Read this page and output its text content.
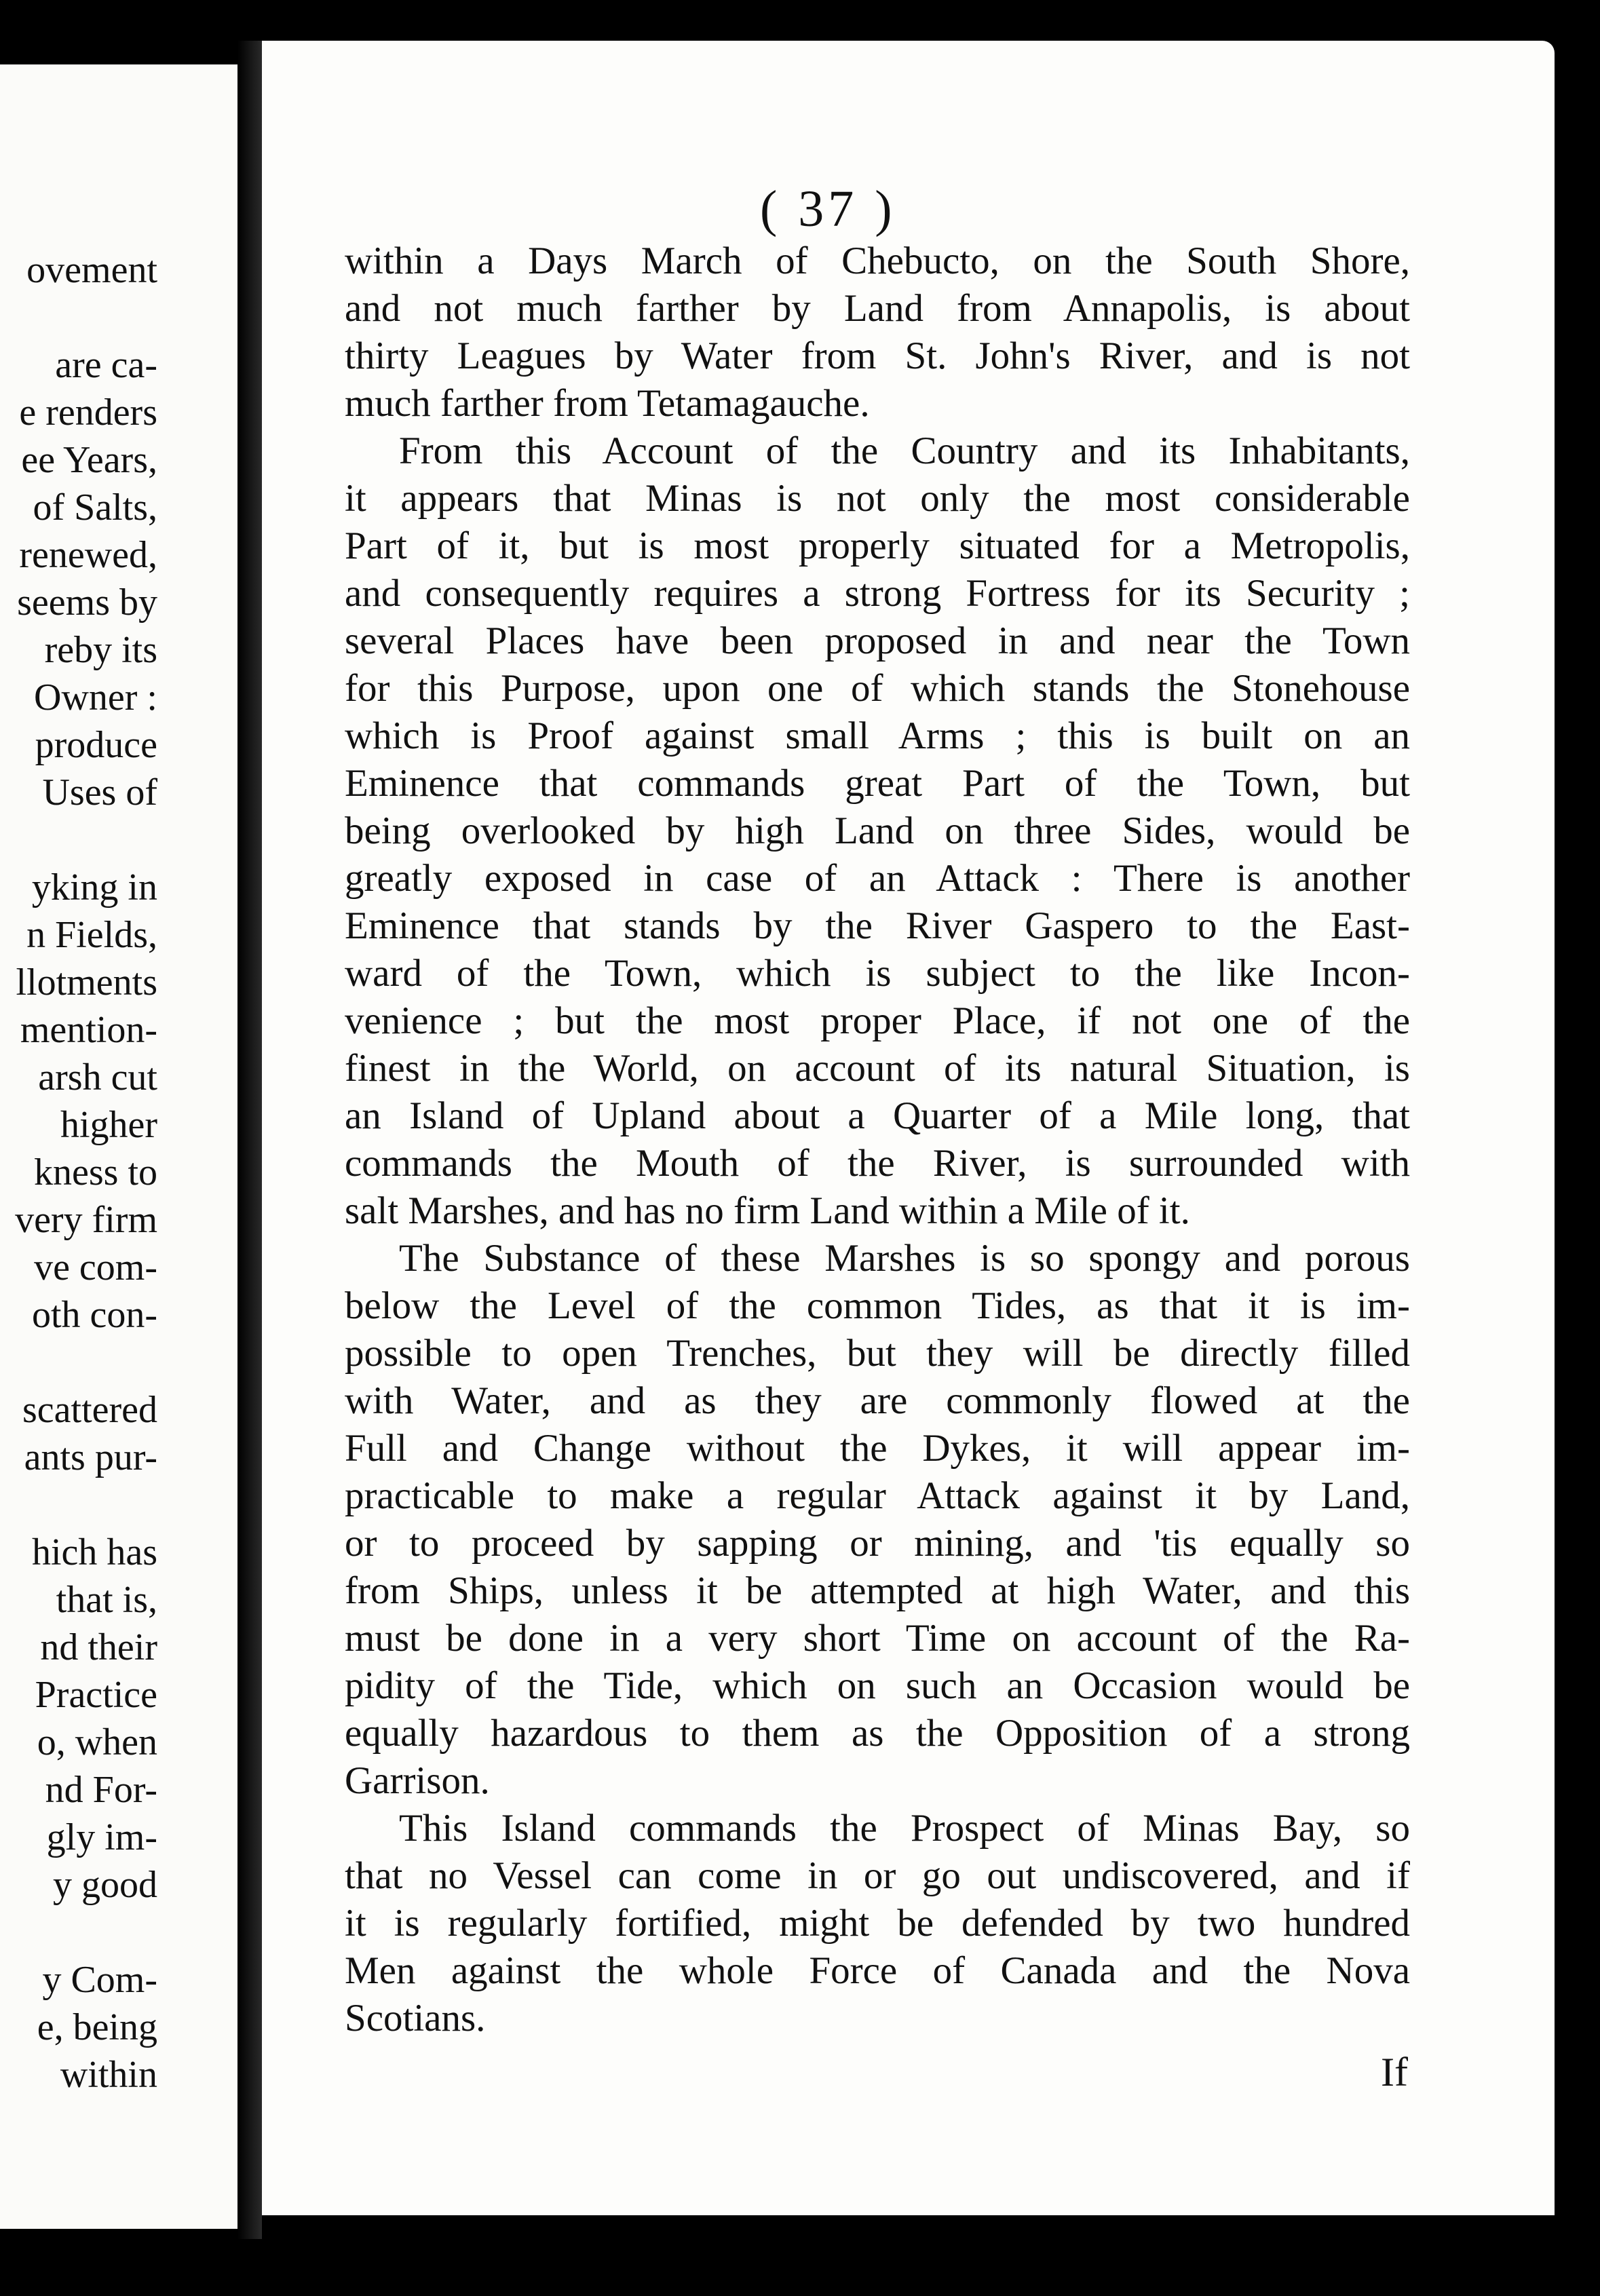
ovement
are ca-
e renders
ee Years,
of Salts,
renewed,
seems by
reby its
Owner :
produce
Uses of
yking in
n Fields,
llotments
mention-
arsh cut
higher
kness to
very firm
ve com-
oth con-
scattered
ants pur-
hich has
that is,
nd their
Practice
o, when
nd For-
gly im-
y good
y Com-
e, being
within
( 37 )
within a Days March of Chebucto, on the South Shore,
and not much farther by Land from Annapolis, is about
thirty Leagues by Water from St. John's River, and is not
much farther from Tetamagauche.
From this Account of the Country and its Inhabitants,
it appears that Minas is not only the most considerable
Part of it, but is most properly situated for a Metropolis,
and consequently requires a strong Fortress for its Security ;
several Places have been proposed in and near the Town
for this Purpose, upon one of which stands the Stonehouse
which is Proof against small Arms ; this is built on an
Eminence that commands great Part of the Town, but
being overlooked by high Land on three Sides, would be
greatly exposed in case of an Attack : There is another
Eminence that stands by the River Gaspero to the East-
ward of the Town, which is subject to the like Incon-
venience ; but the most proper Place, if not one of the
finest in the World, on account of its natural Situation, is
an Island of Upland about a Quarter of a Mile long, that
commands the Mouth of the River, is surrounded with
salt Marshes, and has no firm Land within a Mile of it.
The Substance of these Marshes is so spongy and porous
below the Level of the common Tides, as that it is im-
possible to open Trenches, but they will be directly filled
with Water, and as they are commonly flowed at the
Full and Change without the Dykes, it will appear im-
practicable to make a regular Attack against it by Land,
or to proceed by sapping or mining, and 'tis equally so
from Ships, unless it be attempted at high Water, and this
must be done in a very short Time on account of the Ra-
pidity of the Tide, which on such an Occasion would be
equally hazardous to them as the Opposition of a strong
Garrison.
This Island commands the Prospect of Minas Bay, so
that no Vessel can come in or go out undiscovered, and if
it is regularly fortified, might be defended by two hundred
Men against the whole Force of Canada and the Nova
Scotians.
If
